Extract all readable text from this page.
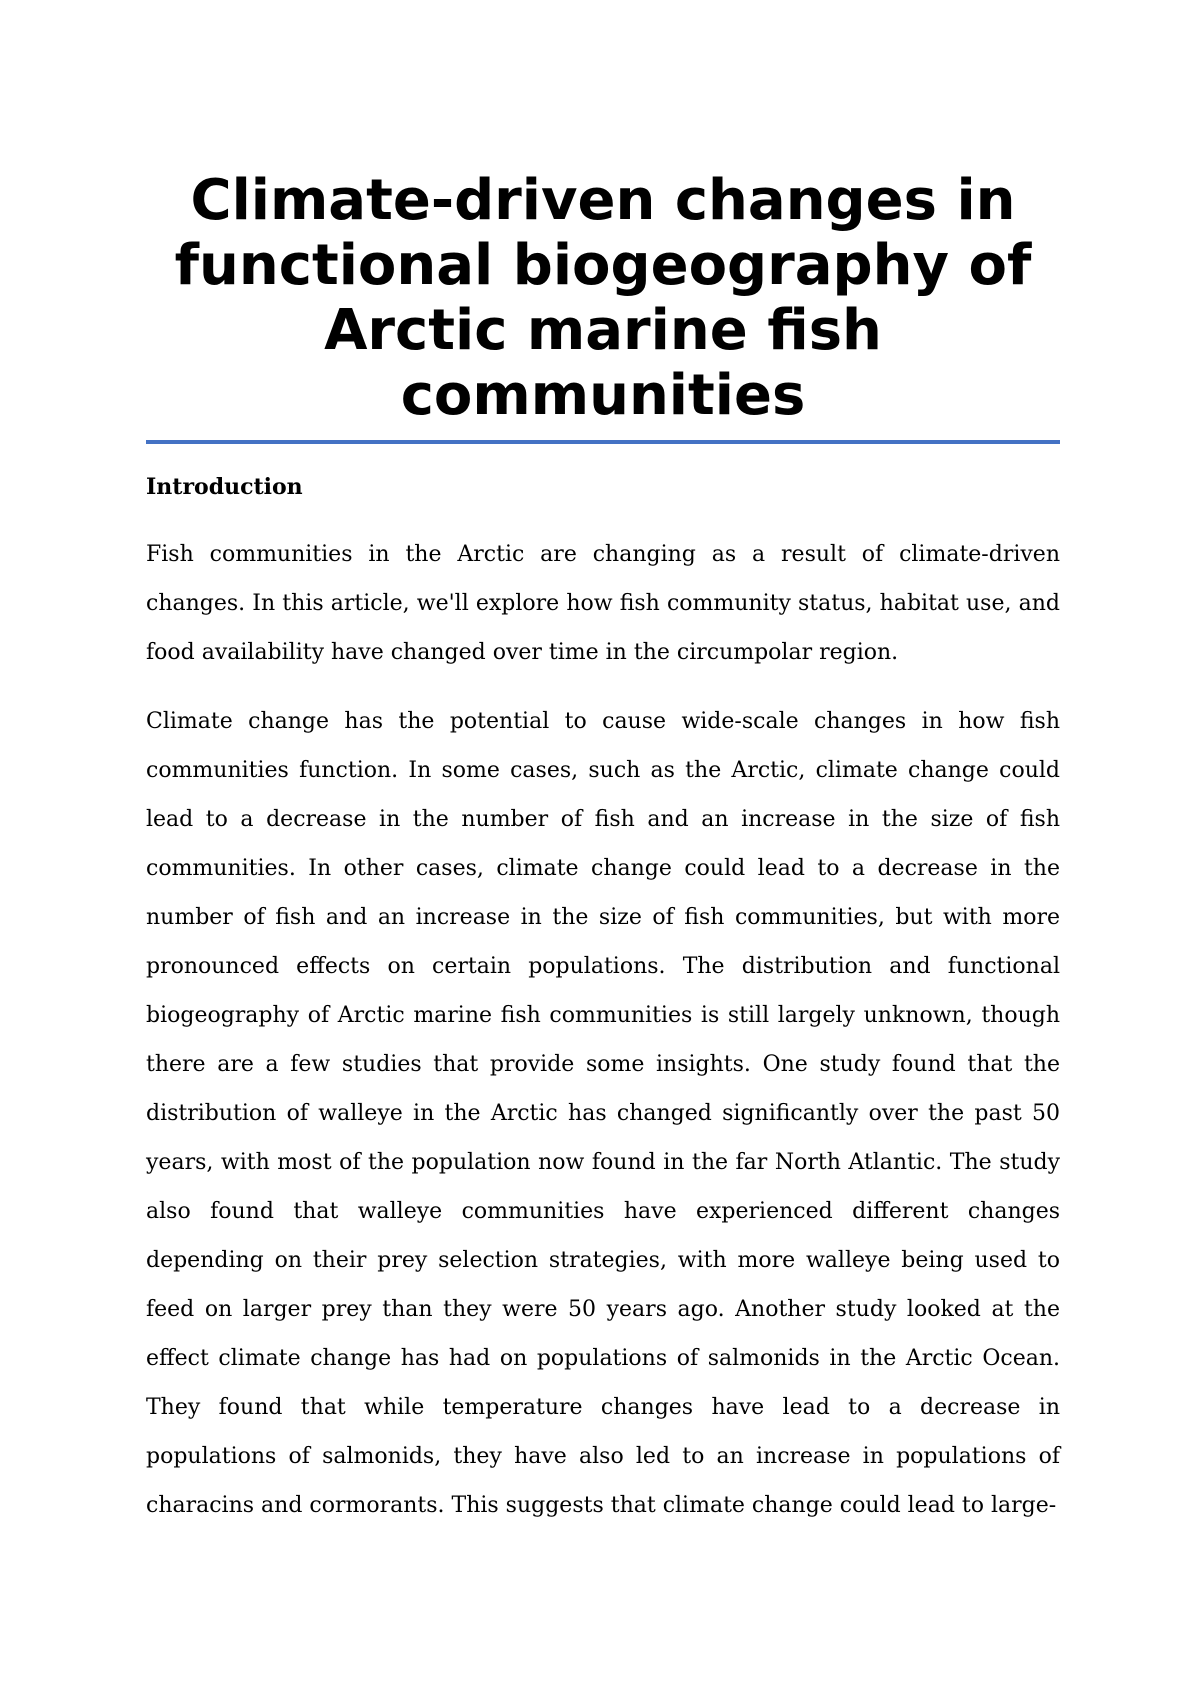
Climate-driven changes in functional biogeography of Arctic marine fish communities
Introduction

Fish communities in the Arctic are changing as a result of climate-driven changes. In this article, we'll explore how fish community status, habitat use, and food availability have changed over time in the circumpolar region.

Climate change has the potential to cause wide-scale changes in how fish communities function. In some cases, such as the Arctic, climate change could lead to a decrease in the number of fish and an increase in the size of fish communities. In other cases, climate change could lead to a decrease in the number of fish and an increase in the size of fish communities, but with more pronounced effects on certain populations. The distribution and functional biogeography of Arctic marine fish communities is still largely unknown, though there are a few studies that provide some insights. One study found that the distribution of walleye in the Arctic has changed significantly over the past 50 years, with most of the population now found in the far North Atlantic. The study also found that walleye communities have experienced different changes depending on their prey selection strategies, with more walleye being used to feed on larger prey than they were 50 years ago. Another study looked at the effect climate change has had on populations of salmonids in the Arctic Ocean. They found that while temperature changes have lead to a decrease in populations of salmonids, they have also led to an increase in populations of characins and cormorants. This suggests that climate change could lead to large-
